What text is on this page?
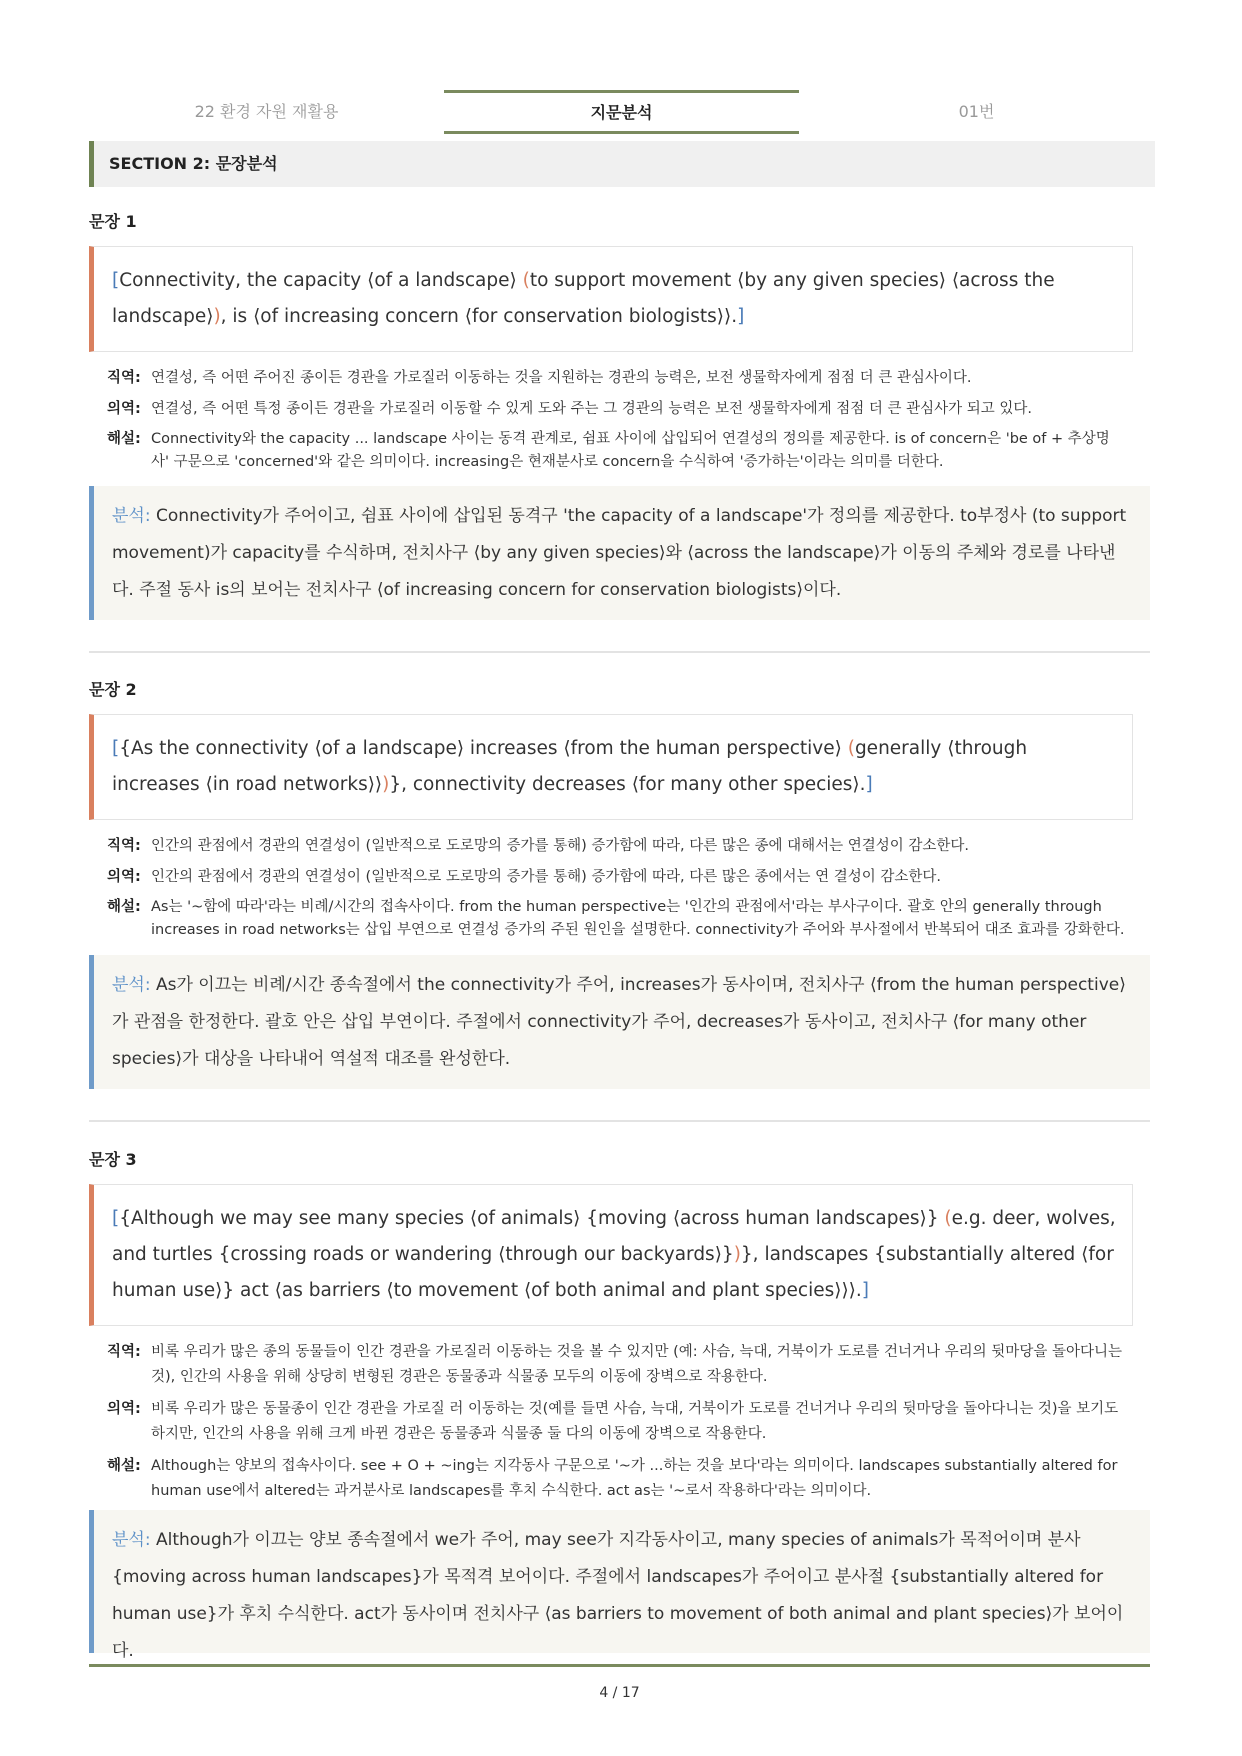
22 환경 자원 재활용	지문분석	01번
SECTION 2: 문장분석
문장 1
[Connectivity, the capacity ⟨of a landscape⟩ (to support movement ⟨by any given species⟩ ⟨across the landscape⟩), is ⟨of increasing concern ⟨for conservation biologists⟩⟩.]
직역: 연결성, 즉 어떤 주어진 종이든 경관을 가로질러 이동하는 것을 지원하는 경관의 능력은, 보전 생물학자에게 점점 더 큰 관심사이다.
의역: 연결성, 즉 어떤 특정 종이든 경관을 가로질러 이동할 수 있게 도와 주는 그 경관의 능력은 보전 생물학자에게 점점 더 큰 관심사가 되고 있다.
해설: Connectivity와 the capacity ... landscape 사이는 동격 관계로, 쉼표 사이에 삽입되어 연결성의 정의를 제공한다. is of concern은 'be of + 추상명사' 구문으로 'concerned'와 같은 의미이다. increasing은 현재분사로 concern을 수식하여 '증가하는'이라는 의미를 더한다.
분석: Connectivity가 주어이고, 쉼표 사이에 삽입된 동격구 'the capacity of a landscape'가 정의를 제공한다. to부정사 (to support movement)가 capacity를 수식하며, 전치사구 ⟨by any given species⟩와 ⟨across the landscape⟩가 이동의 주체와 경로를 나타낸다. 주절 동사 is의 보어는 전치사구 ⟨of increasing concern for conservation biologists⟩이다.
문장 2
[{As the connectivity ⟨of a landscape⟩ increases ⟨from the human perspective⟩ (generally ⟨through increases ⟨in road networks⟩⟩)}, connectivity decreases ⟨for many other species⟩.]
직역: 인간의 관점에서 경관의 연결성이 (일반적으로 도로망의 증가를 통해) 증가함에 따라, 다른 많은 종에 대해서는 연결성이 감소한다.
의역: 인간의 관점에서 경관의 연결성이 (일반적으로 도로망의 증가를 통해) 증가함에 따라, 다른 많은 종에서는 연 결성이 감소한다.
해설: As는 '~함에 따라'라는 비례/시간의 접속사이다. from the human perspective는 '인간의 관점에서'라는 부사구이다. 괄호 안의 generally through increases in road networks는 삽입 부연으로 연결성 증가의 주된 원인을 설명한다. connectivity가 주어와 부사절에서 반복되어 대조 효과를 강화한다.
분석: As가 이끄는 비례/시간 종속절에서 the connectivity가 주어, increases가 동사이며, 전치사구 ⟨from the human perspective⟩가 관점을 한정한다. 괄호 안은 삽입 부연이다. 주절에서 connectivity가 주어, decreases가 동사이고, 전치사구 ⟨for many other species⟩가 대상을 나타내어 역설적 대조를 완성한다.
문장 3
[{Although we may see many species ⟨of animals⟩ {moving ⟨across human landscapes⟩} (e.g. deer, wolves, and turtles {crossing roads or wandering ⟨through our backyards⟩})}, landscapes {substantially altered ⟨for human use⟩} act ⟨as barriers ⟨to movement ⟨of both animal and plant species⟩⟩⟩.]
직역: 비록 우리가 많은 종의 동물들이 인간 경관을 가로질러 이동하는 것을 볼 수 있지만 (예: 사슴, 늑대, 거북이가 도로를 건너거나 우리의 뒷마당을 돌아다니는 것), 인간의 사용을 위해 상당히 변형된 경관은 동물종과 식물종 모두의 이동에 장벽으로 작용한다.
의역: 비록 우리가 많은 동물종이 인간 경관을 가로질 러 이동하는 것(예를 들면 사슴, 늑대, 거북이가 도로를 건너거나 우리의 뒷마당을 돌아다니는 것)을 보기도 하지만, 인간의 사용을 위해 크게 바뀐 경관은 동물종과 식물종 둘 다의 이동에 장벽으로 작용한다.
해설: Although는 양보의 접속사이다. see + O + ~ing는 지각동사 구문으로 '~가 ...하는 것을 보다'라는 의미이다. landscapes substantially altered for human use에서 altered는 과거분사로 landscapes를 후치 수식한다. act as는 '~로서 작용하다'라는 의미이다.
분석: Although가 이끄는 양보 종속절에서 we가 주어, may see가 지각동사이고, many species of animals가 목적어이며 분사 {moving across human landscapes}가 목적격 보어이다. 주절에서 landscapes가 주어이고 분사절 {substantially altered for human use}가 후치 수식한다. act가 동사이며 전치사구 ⟨as barriers to movement of both animal and plant species⟩가 보어이다.
4 / 17
